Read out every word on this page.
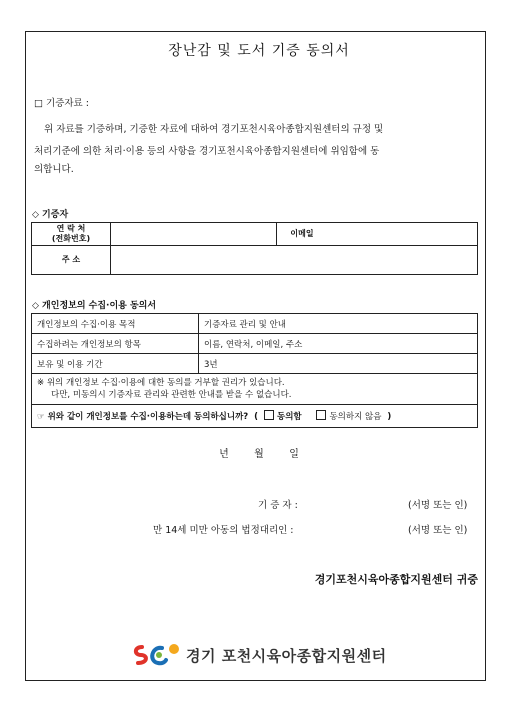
장난감 및 도서 기증 동의서
□ 기증자료 :
위 자료를 기증하며, 기증한 자료에 대하여 경기포천시육아종합지원센터의 규정 및
처리기준에 의한 처리·이용 등의 사항을 경기포천시육아종합지원센터에 위임함에 동
의합니다.
◇ 기증자
연 락 처
(전화번호)		이메일	
주 소			
◇ 개인정보의 수집·이용 동의서
개인정보의 수집·이용 목적	기증자료 관리 및 안내
수집하려는 개인정보의 항목	이름, 연락처, 이메일, 주소
보유 및 이용 기간	3년

※ 위의 개인정보 수집·이용에 대한 동의를 거부할 권리가 있습니다.
다만, 미동의시 기증자료 관리와 관련한 안내를 받을 수 없습니다.	

☞ 위와 같이 개인정보를 수집·이용하는데 동의하십니까?  (  동의함 동의하지 않음  )	
년        월        일
기 증 자 :	(서명 또는 인)
만 14세 미만 아동의 법정대리인 :	(서명 또는 인)
경기포천시육아종합지원센터 귀중
경기 포천시육아종합지원센터
